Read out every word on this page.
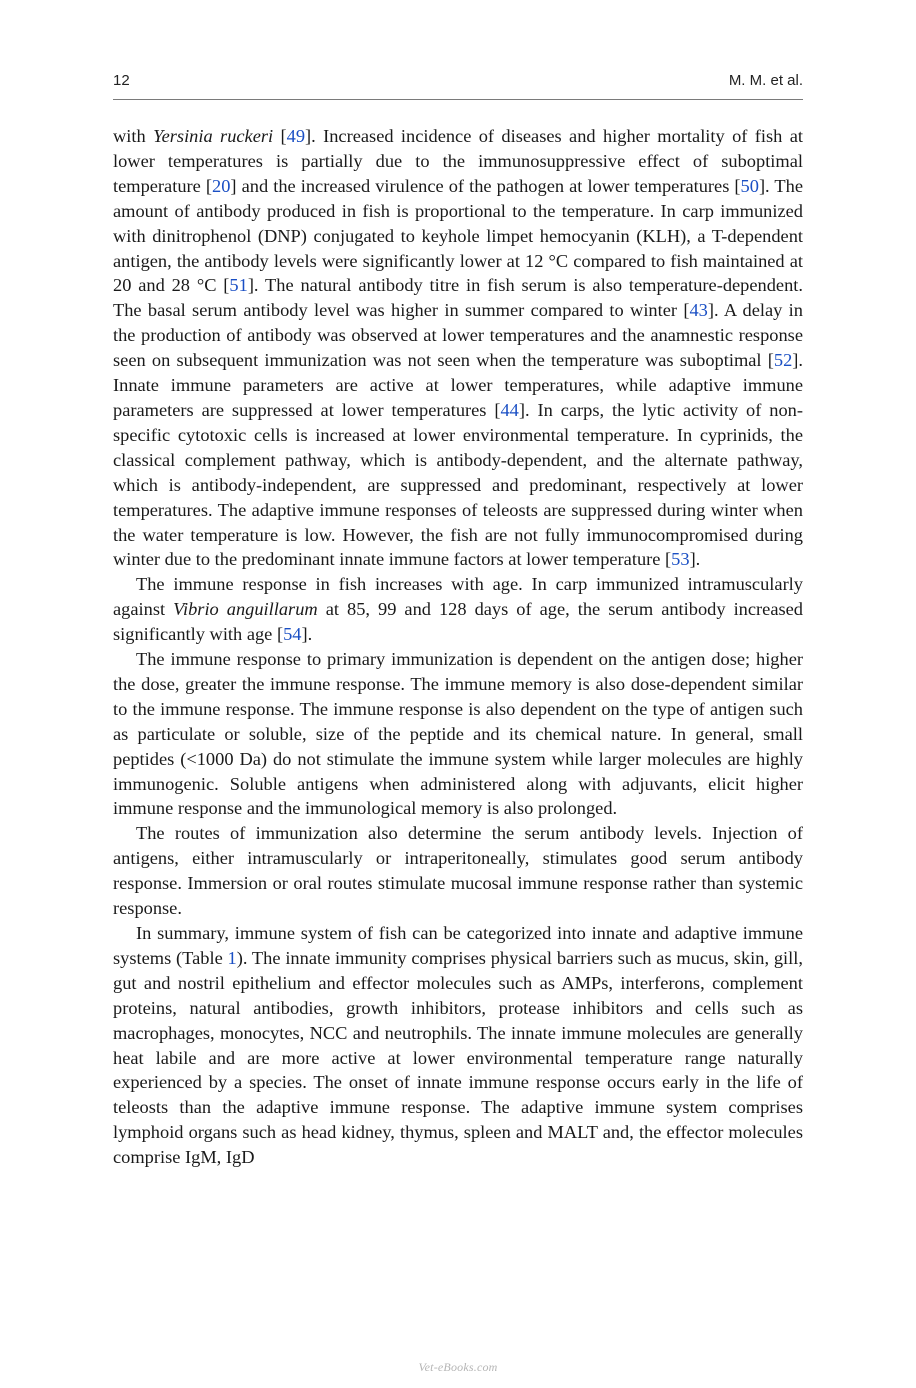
12	M. M. et al.

with Yersinia ruckeri [49]. Increased incidence of diseases and higher mortality of fish at lower temperatures is partially due to the immunosuppressive effect of suboptimal temperature [20] and the increased virulence of the pathogen at lower temperatures [50]. The amount of antibody produced in fish is proportional to the temperature. In carp immunized with dinitrophenol (DNP) conjugated to keyhole limpet hemocyanin (KLH), a T-dependent antigen, the antibody levels were significantly lower at 12 °C compared to fish maintained at 20 and 28 °C [51]. The natural antibody titre in fish serum is also temperature-dependent. The basal serum antibody level was higher in summer compared to winter [43]. A delay in the production of antibody was observed at lower temperatures and the anamnestic response seen on subsequent immunization was not seen when the temperature was suboptimal [52]. Innate immune parameters are active at lower temperatures, while adaptive immune parameters are suppressed at lower temperatures [44]. In carps, the lytic activity of non-specific cytotoxic cells is increased at lower environmental temperature. In cyprinids, the classical complement pathway, which is antibody-dependent, and the alternate pathway, which is antibody-independent, are suppressed and predominant, respectively at lower temperatures. The adaptive immune responses of teleosts are suppressed during winter when the water temperature is low. However, the fish are not fully immunocompromised during winter due to the predominant innate immune factors at lower temperature [53].

The immune response in fish increases with age. In carp immunized intramuscularly against Vibrio anguillarum at 85, 99 and 128 days of age, the serum antibody increased significantly with age [54].

The immune response to primary immunization is dependent on the antigen dose; higher the dose, greater the immune response. The immune memory is also dose-dependent similar to the immune response. The immune response is also dependent on the type of antigen such as particulate or soluble, size of the peptide and its chemical nature. In general, small peptides (<1000 Da) do not stimulate the immune system while larger molecules are highly immunogenic. Soluble antigens when administered along with adjuvants, elicit higher immune response and the immunological memory is also prolonged.

The routes of immunization also determine the serum antibody levels. Injection of antigens, either intramuscularly or intraperitoneally, stimulates good serum antibody response. Immersion or oral routes stimulate mucosal immune response rather than systemic response.

In summary, immune system of fish can be categorized into innate and adaptive immune systems (Table 1). The innate immunity comprises physical barriers such as mucus, skin, gill, gut and nostril epithelium and effector molecules such as AMPs, interferons, complement proteins, natural antibodies, growth inhibitors, protease inhibitors and cells such as macrophages, monocytes, NCC and neutrophils. The innate immune molecules are generally heat labile and are more active at lower environmental temperature range naturally experienced by a species. The onset of innate immune response occurs early in the life of teleosts than the adaptive immune response. The adaptive immune system comprises lymphoid organs such as head kidney, thymus, spleen and MALT and, the effector molecules comprise IgM, IgD

Vet-eBooks.com
